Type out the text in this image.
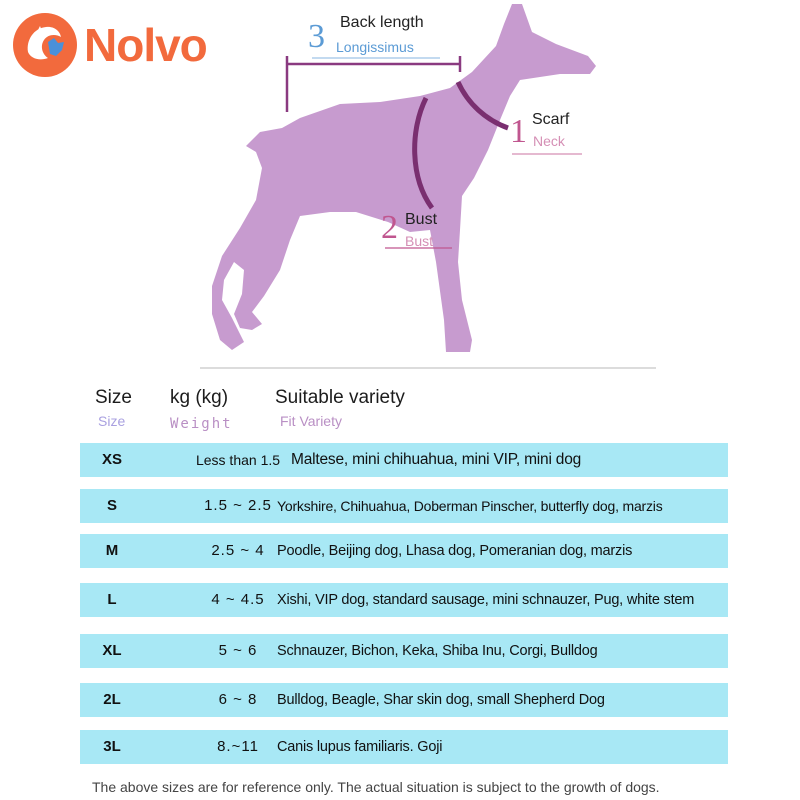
Nolvo	3 Back length
Longissimus
1 Scarf
Neck
2 Bust
Bust
Size
Size
kg (kg)
Weight
Suitable variety
Fit Variety
XS	Less than 1.5 Maltese, mini chihuahua, mini VIP, mini dog
S	1.5 ~ 2.5 Yorkshire, Chihuahua, Doberman Pinscher, butterfly dog, marzis
M	2.5 ~ 4 Poodle, Beijing dog, Lhasa dog, Pomeranian dog, marzis
L	4 ~ 4.5 Xishi, VIP dog, standard sausage, mini schnauzer, Pug, white stem
XL	5 ~ 6	Schnauzer, Bichon, Keka, Shiba Inu, Corgi, Bulldog
2L	6 ~ 8	Bulldog, Beagle, Shar skin dog, small Shepherd Dog
3L	8.~11	Canis lupus familiaris. Goji
The above sizes are for reference only. The actual situation is subject to the growth of dogs.
